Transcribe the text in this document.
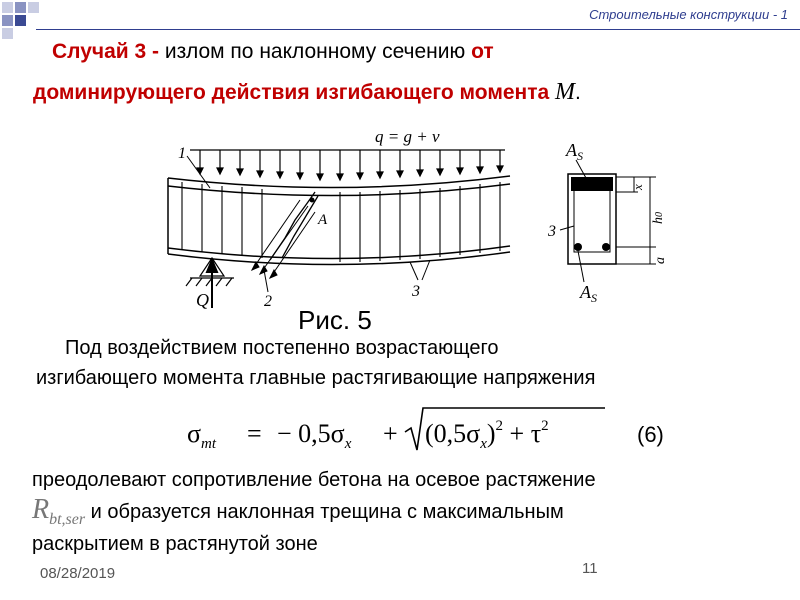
Строительные конструкции - 1
Случай 3 - излом по наклонному сечению от
доминирующего действия изгибающего момента M.
q = g + v
1
А
2
3
Q
$A_S$
x
h0
a
3
$A_S$
Рис. 5
Под воздействием постепенно возрастающего
изгибающего момента главные растягивающие напряжения
$\sigma_{mt}$ = − $0,5\sigma_x + (0,5\sigma_x)^2 + \tau^2$	(6)
преодолевают сопротивление бетона на осевое растяжение
$R_{bt,ser}$ и образуется наклонная трещина с максимальным
раскрытием в растянутой зоне
08/28/2019	11
